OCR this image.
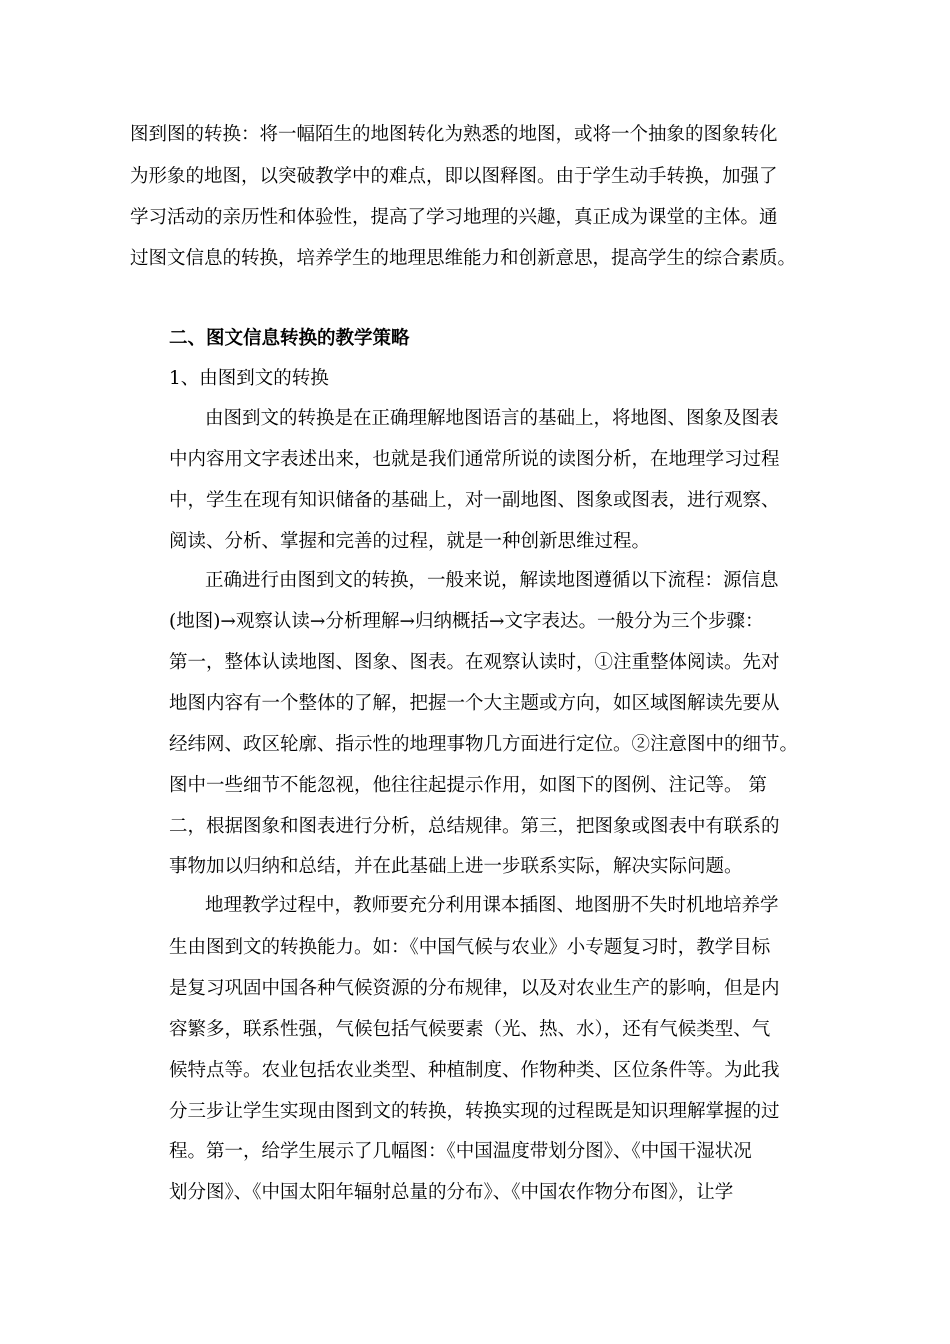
图到图的转换：将一幅陌生的地图转化为熟悉的地图，或将一个抽象的图象转化
为形象的地图，以突破教学中的难点，即以图释图。由于学生动手转换，加强了
学习活动的亲历性和体验性，提高了学习地理的兴趣，真正成为课堂的主体。通
过图文信息的转换，培养学生的地理思维能力和创新意思，提高学生的综合素质。
二、图文信息转换的教学策略
1、由图到文的转换
由图到文的转换是在正确理解地图语言的基础上，将地图、图象及图表
中内容用文字表述出来，也就是我们通常所说的读图分析，在地理学习过程
中，学生在现有知识储备的基础上，对一副地图、图象或图表，进行观察、
阅读、分析、掌握和完善的过程，就是一种创新思维过程。
正确进行由图到文的转换，一般来说，解读地图遵循以下流程：源信息
(地图)→观察认读→分析理解→归纳概括→文字表达。一般分为三个步骤：
第一，整体认读地图、图象、图表。在观察认读时，①注重整体阅读。先对
地图内容有一个整体的了解，把握一个大主题或方向，如区域图解读先要从
经纬网、政区轮廓、指示性的地理事物几方面进行定位。②注意图中的细节。
图中一些细节不能忽视，他往往起提示作用，如图下的图例、注记等。 第
二，根据图象和图表进行分析，总结规律。第三，把图象或图表中有联系的
事物加以归纳和总结，并在此基础上进一步联系实际，解决实际问题。
地理教学过程中，教师要充分利用课本插图、地图册不失时机地培养学
生由图到文的转换能力。如：《中国气候与农业》小专题复习时，教学目标
是复习巩固中国各种气候资源的分布规律，以及对农业生产的影响，但是内
容繁多，联系性强，气候包括气候要素（光、热、水），还有气候类型、气
候特点等。农业包括农业类型、种植制度、作物种类、区位条件等。为此我
分三步让学生实现由图到文的转换，转换实现的过程既是知识理解掌握的过
程。第一，给学生展示了几幅图：《中国温度带划分图》、《中国干湿状况
划分图》、《中国太阳年辐射总量的分布》、《中国农作物分布图》，让学
